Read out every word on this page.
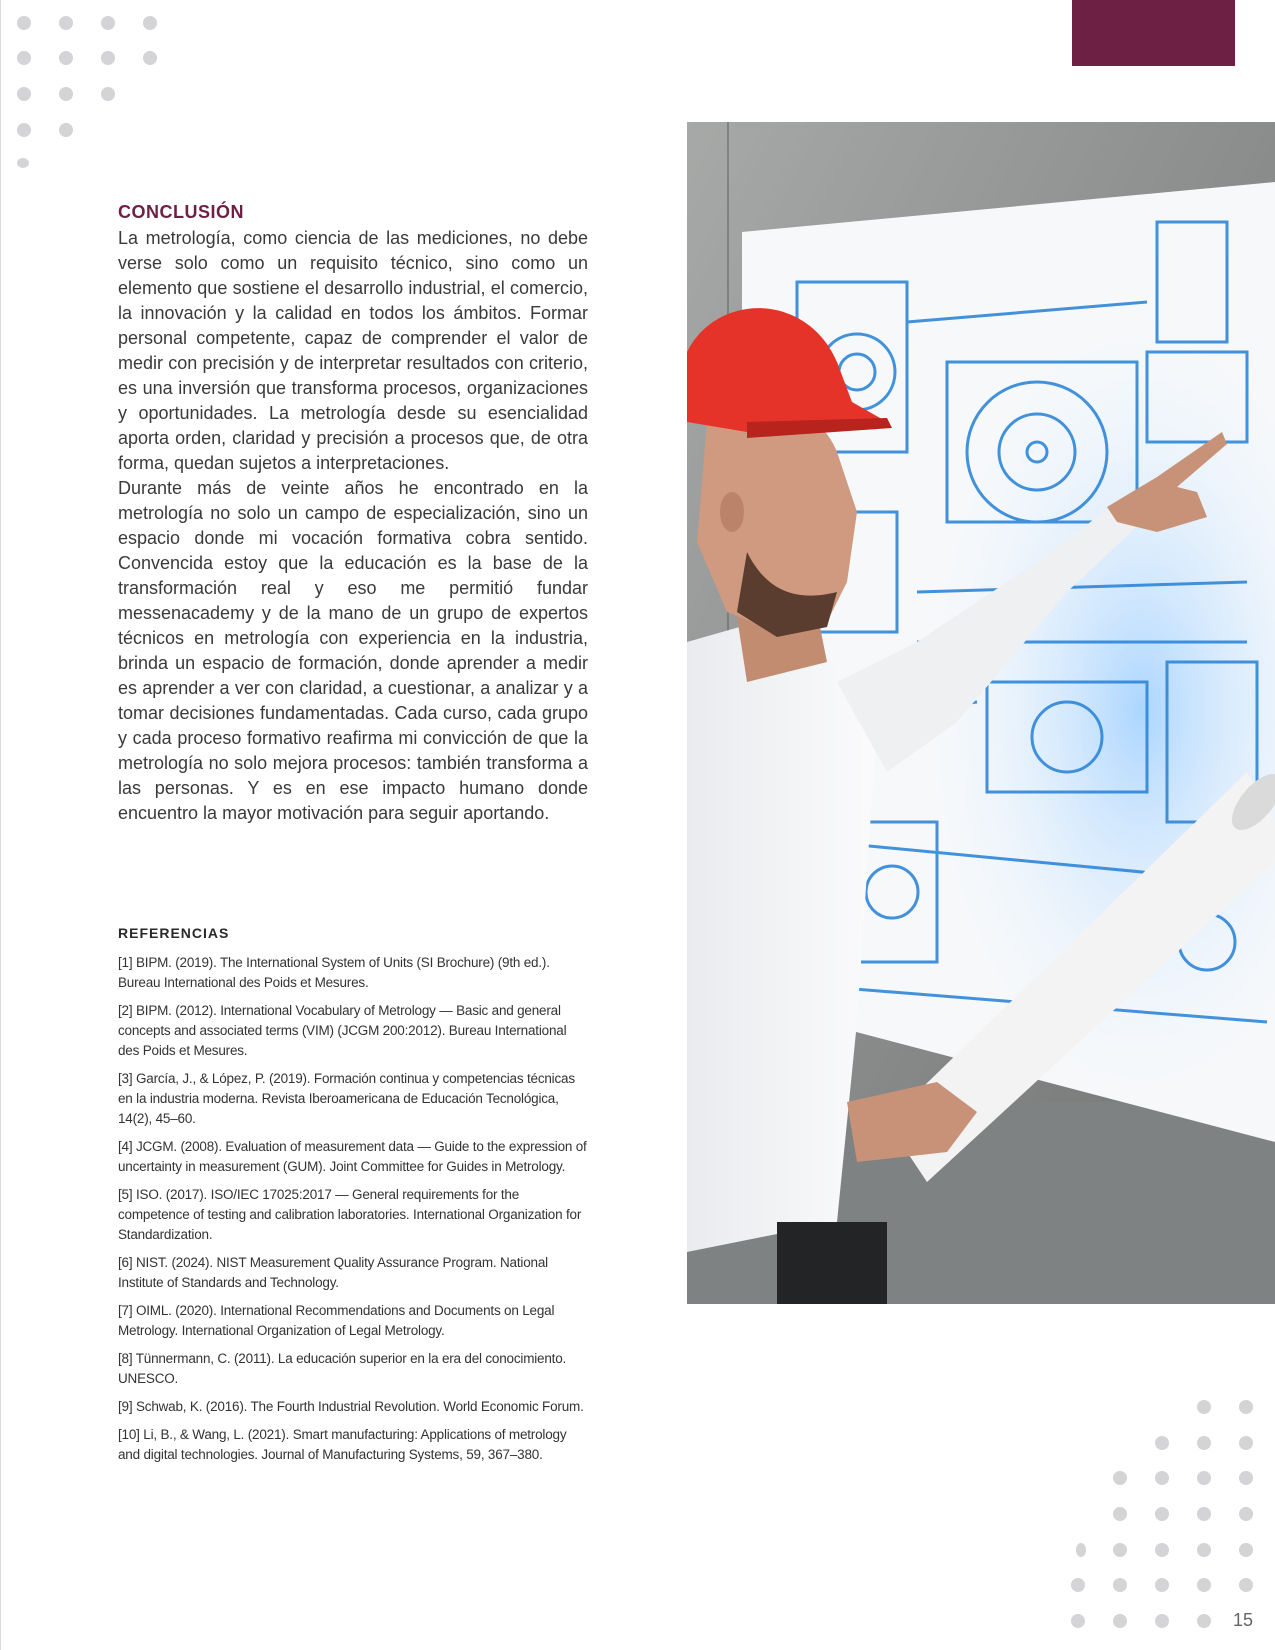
CONCLUSIÓN

La metrología, como ciencia de las mediciones, no debe verse solo como un requisito técnico, sino como un elemento que sostiene el desarrollo industrial, el comercio, la innovación y la calidad en todos los ámbitos. Formar personal competente, capaz de comprender el valor de medir con precisión y de interpretar resultados con criterio, es una inversión que transforma procesos, organizaciones y oportunidades. La metrología desde su esencialidad aporta orden, claridad y precisión a procesos que, de otra forma, quedan sujetos a interpretaciones.

Durante más de veinte años he encontrado en la metrología no solo un campo de especialización, sino un espacio donde mi vocación formativa cobra sentido. Convencida estoy que la educación es la base de la transformación real y eso me permitió fundar messenacademy y de la mano de un grupo de expertos técnicos en metrología con experiencia en la industria, brinda un espacio de formación, donde aprender a medir es aprender a ver con claridad, a cuestionar, a analizar y a tomar decisiones fundamentadas. Cada curso, cada grupo y cada proceso formativo reafirma mi convicción de que la metrología no solo mejora procesos: también transforma a las personas. Y es en ese impacto humano donde encuentro la mayor motivación para seguir aportando.

REFERENCIAS
[1] BIPM. (2019). The International System of Units (SI Brochure) (9th ed.). Bureau International des Poids et Mesures.
[2] BIPM. (2012). International Vocabulary of Metrology — Basic and general concepts and associated terms (VIM) (JCGM 200:2012). Bureau International des Poids et Mesures.
[3] García, J., & López, P. (2019). Formación continua y competencias técnicas en la industria moderna. Revista Iberoamericana de Educación Tecnológica, 14(2), 45–60.
[4] JCGM. (2008). Evaluation of measurement data — Guide to the expression of uncertainty in measurement (GUM). Joint Committee for Guides in Metrology.
[5] ISO. (2017). ISO/IEC 17025:2017 — General requirements for the competence of testing and calibration laboratories. International Organization for Standardization.
[6] NIST. (2024). NIST Measurement Quality Assurance Program. National Institute of Standards and Technology.
[7] OIML. (2020). International Recommendations and Documents on Legal Metrology. International Organization of Legal Metrology.
[8] Tünnermann, C. (2011). La educación superior en la era del conocimiento. UNESCO.
[9] Schwab, K. (2016). The Fourth Industrial Revolution. World Economic Forum.
[10] Li, B., & Wang, L. (2021). Smart manufacturing: Applications of metrology and digital technologies. Journal of Manufacturing Systems, 59, 367–380.
15
